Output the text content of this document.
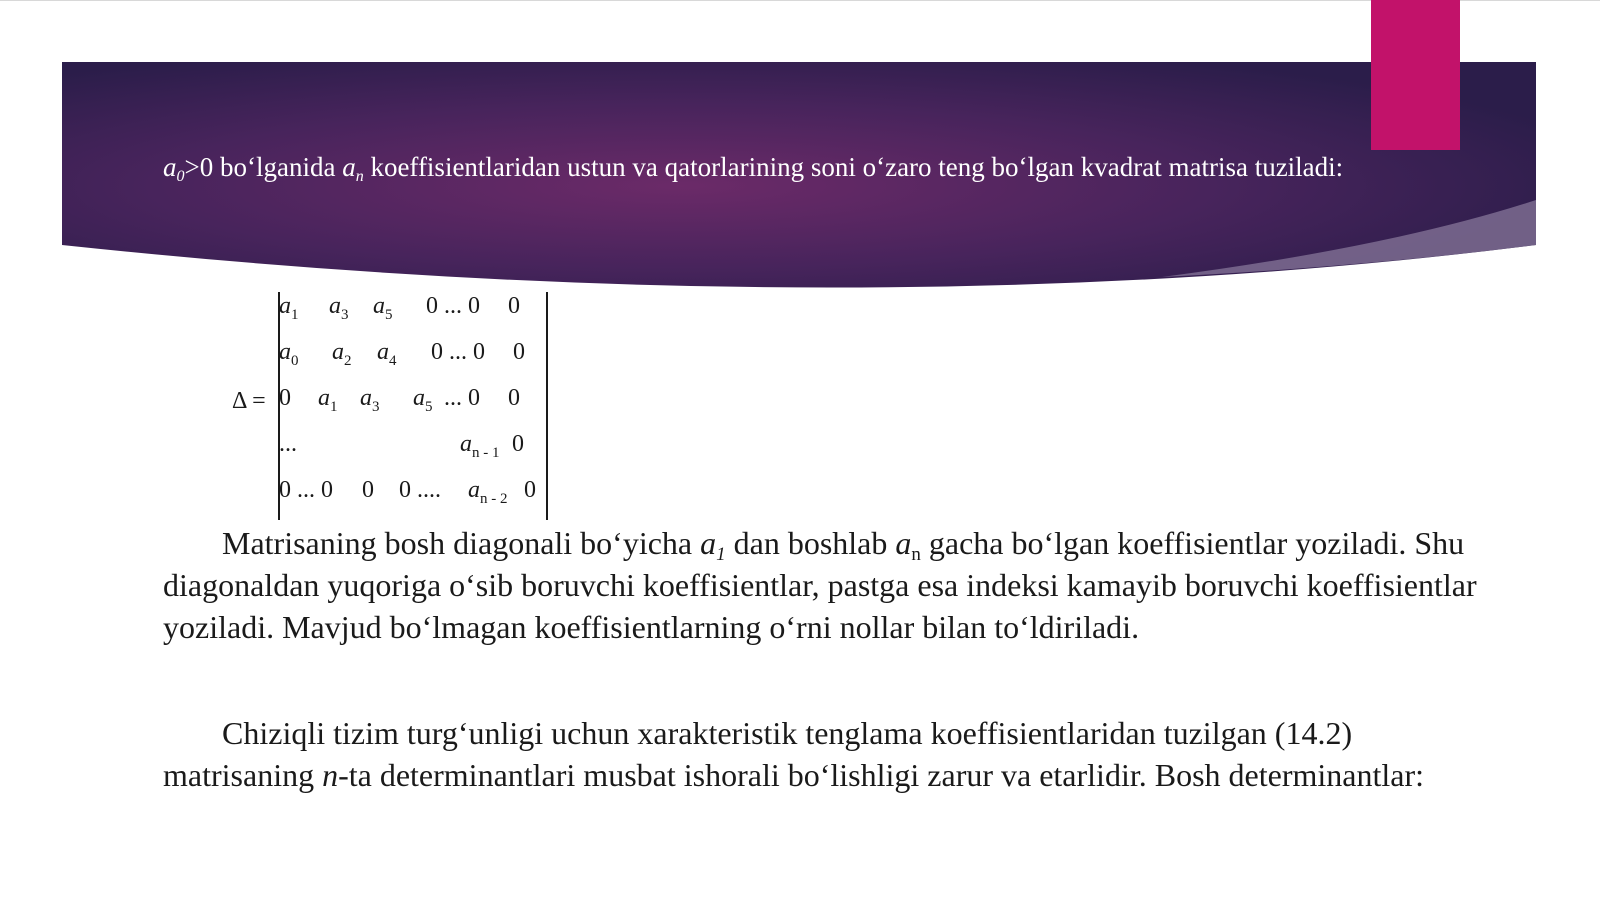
$a_0>0$ bo‘lganida $a_n$ koeffisientlaridan ustun va qatorlarining soni o‘zaro teng bo‘lgan kvadrat matrisa tuziladi:
Δ =
$a_1$ $a_3$ $a_5$ 0 ... 0 0
$a_0$ $a_2$ $a_4$ 0 ... 0 0
0 $a_1$ $a_3$ $a_5$ ... 0 0
...	$a_{n - 1}$ 0
0 ... 0 0 0 .... $a_{n - 2}$ 0

Matrisaning bosh diagonali bo‘yicha $a_1$ dan boshlab $a_n$ gacha bo‘lgan koeffisientlar yoziladi. Shu diagonaldan yuqoriga o‘sib boruvchi koeffisientlar, pastga esa indeksi kamayib boruvchi koeffisientlar yoziladi. Mavjud bo‘lmagan koeffisientlarning o‘rni nollar bilan to‘ldiriladi.

Chiziqli tizim turg‘unligi uchun xarakteristik tenglama koeffisientlaridan tuzilgan (14.2) matrisaning n-ta determinantlari musbat ishorali bo‘lishligi zarur va etarlidir. Bosh determinantlar:
